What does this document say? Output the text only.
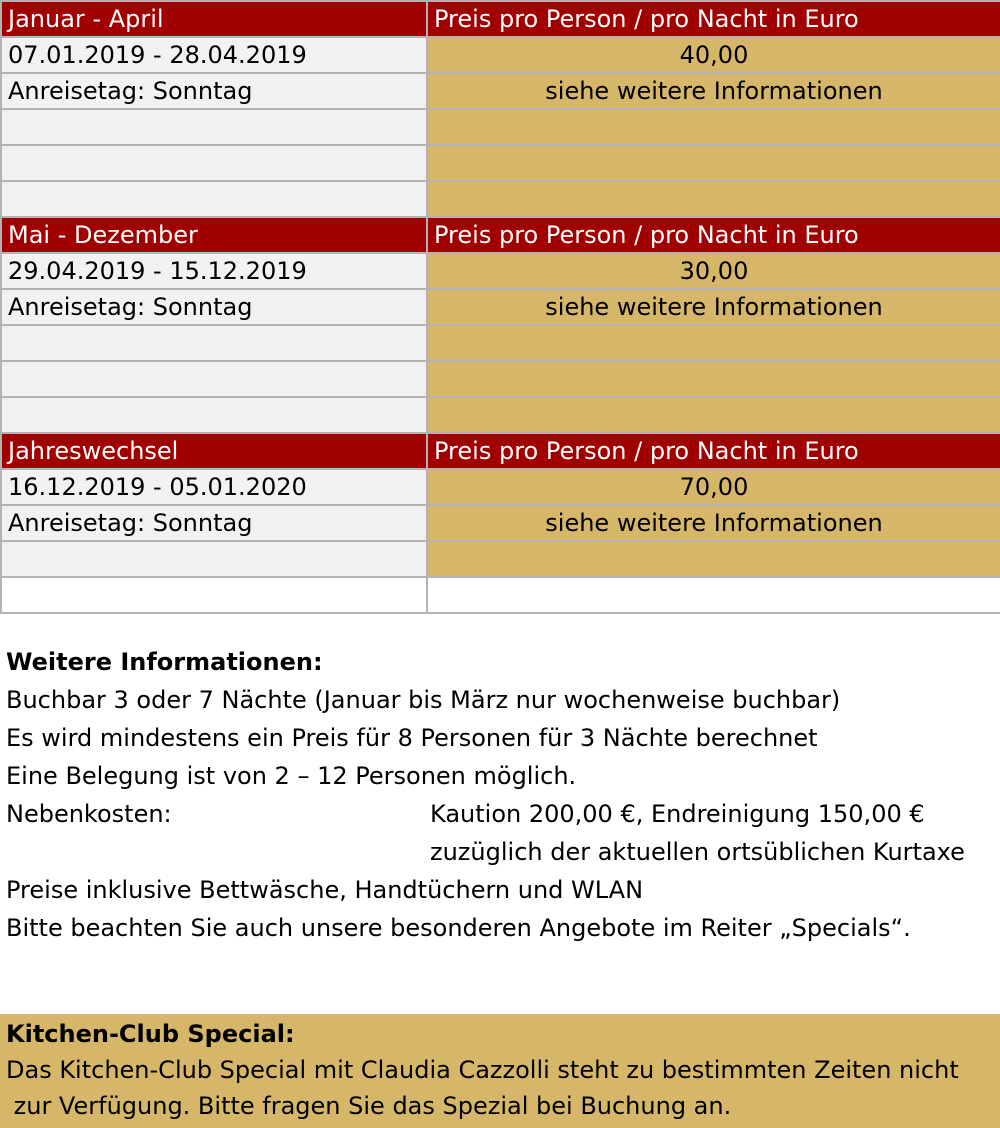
Januar - April	Preis pro Person / pro Nacht in Euro
07.01.2019 - 28.04.2019	40,00
Anreisetag: Sonntag	siehe weitere Informationen

Mai - Dezember	Preis pro Person / pro Nacht in Euro
29.04.2019 - 15.12.2019	30,00
Anreisetag: Sonntag	siehe weitere Informationen

Jahreswechsel	Preis pro Person / pro Nacht in Euro
16.12.2019 - 05.01.2020	70,00
Anreisetag: Sonntag	siehe weitere Informationen

Weitere Informationen:
Buchbar 3 oder 7 Nächte (Januar bis März nur wochenweise buchbar)
Es wird mindestens ein Preis für 8 Personen für 3 Nächte berechnet
Eine Belegung ist von 2 – 12 Personen möglich.
Nebenkosten:	Kaution 200,00 €, Endreinigung 150,00 €
zuzüglich der aktuellen ortsüblichen Kurtaxe
Preise inklusive Bettwäsche, Handtüchern und WLAN
Bitte beachten Sie auch unsere besonderen Angebote im Reiter „Specials“.
Kitchen-Club Special:
Das Kitchen-Club Special mit Claudia Cazzolli steht zu bestimmten Zeiten nicht
zur Verfügung. Bitte fragen Sie das Spezial bei Buchung an.
